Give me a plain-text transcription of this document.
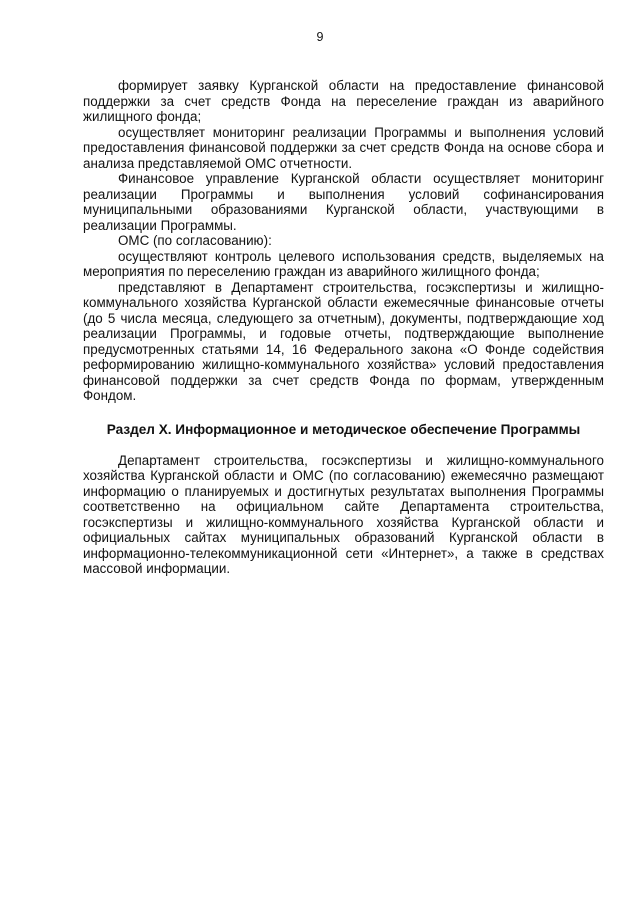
9

формирует заявку Курганской области на предоставление финансовой поддержки за счет средств Фонда на переселение граждан из аварийного жилищного фонда;

осуществляет мониторинг реализации Программы и выполнения условий предоставления финансовой поддержки за счет средств Фонда на основе сбора и анализа представляемой ОМС отчетности.

Финансовое управление Курганской области осуществляет мониторинг реализации Программы и выполнения условий софинансирования муниципальными образованиями Курганской области, участвующими в реализации Программы.

ОМС (по согласованию):

осуществляют контроль целевого использования средств, выделяемых на мероприятия по переселению граждан из аварийного жилищного фонда;

представляют в Департамент строительства, госэкспертизы и жилищно-коммунального хозяйства Курганской области ежемесячные финансовые отчеты (до 5 числа месяца, следующего за отчетным), документы, подтверждающие ход реализации Программы, и годовые отчеты, подтверждающие выполнение предусмотренных статьями 14, 16 Федерального закона «О Фонде содействия реформированию жилищно-коммунального хозяйства» условий предоставления финансовой поддержки за счет средств Фонда по формам, утвержденным Фондом.

Раздел X. Информационное и методическое обеспечение Программы

Департамент строительства, госэкспертизы и жилищно-коммунального хозяйства Курганской области и ОМС (по согласованию) ежемесячно размещают информацию о планируемых и достигнутых результатах выполнения Программы соответственно на официальном сайте Департамента строительства, госэкспертизы и жилищно-коммунального хозяйства Курганской области и официальных сайтах муниципальных образований Курганской области в информационно-телекоммуникационной сети «Интернет», а также в средствах массовой информации.
